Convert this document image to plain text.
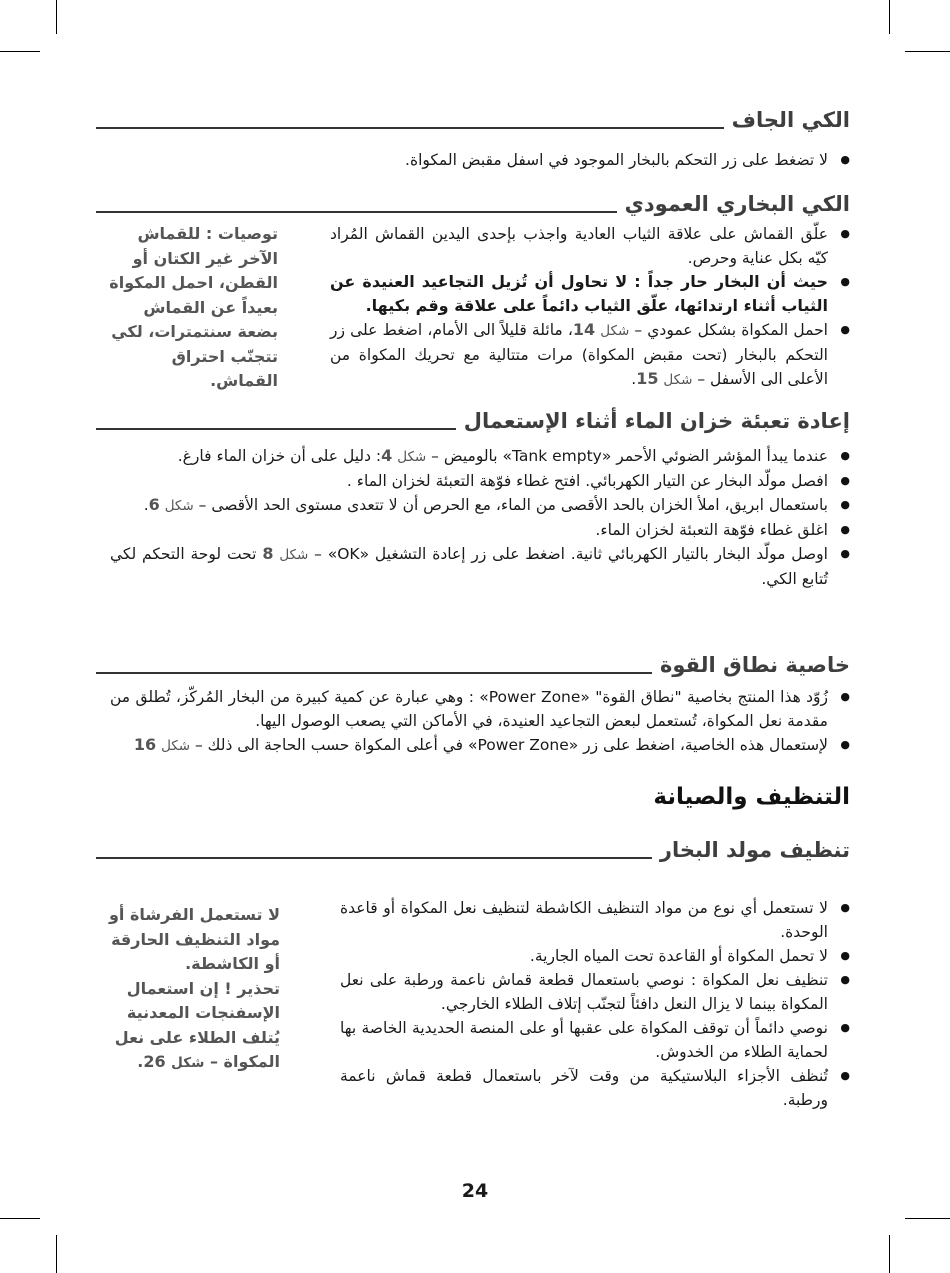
الكي الجاف
● لا تضغط على زر التحكم بالبخار الموجود في اسفل مقبض المكواة.
الكي البخاري العمودي
● علّق القماش على علاقة الثياب العادية واجذب بإحدى اليدين القماش المُراد كيّه بكل عناية وحرص.
● حيث أن البخار حار جداً : لا تحاول أن تُزيل التجاعيد العنيدة عن الثياب أثناء ارتدائها، علّق الثياب دائماً على علاقة وقم بكيها.
● احمل المكواة بشكل عمودي – شكل 14، مائلة قليلاً الى الأمام، اضغط على زر التحكم بالبخار (تحت مقبض المكواة) مرات متتالية مع تحريك المكواة من الأعلى الى الأسفل – شكل 15.
توصيات : للقماش الآخر غير الكتان أو القطن، احمل المكواة بعيداً عن القماش بضعة سنتمترات، لكي تتجنّب احتراق القماش.
إعادة تعبئة خزان الماء أثناء الإستعمال
● عندما يبدأ المؤشر الضوئي الأحمر «Tank empty» بالوميض – شكل 4: دليل على أن خزان الماء فارغ.
● افصل مولّد البخار عن التيار الكهربائي. افتح غطاء فوّهة التعبئة لخزان الماء .
● باستعمال ابريق، املأ الخزان بالحد الأقصى من الماء، مع الحرص أن لا تتعدى مستوى الحد الأقصى – شكل 6.
● اغلق غطاء فوّهة التعبئة لخزان الماء.
● اوصل مولّد البخار بالتيار الكهربائي ثانية. اضغط على زر إعادة التشغيل «OK» – شكل 8 تحت لوحة التحكم لكي تُتابع الكي.
خاصية نطاق القوة
● زُوّد هذا المنتج بخاصية "نطاق القوة" «Power Zone» : وهي عبارة عن كمية كبيرة من البخار المُركّز، تُطلق من مقدمة نعل المكواة، تُستعمل لبعض التجاعيد العنيدة، في الأماكن التي يصعب الوصول اليها.
● لإستعمال هذه الخاصية، اضغط على زر «Power Zone» في أعلى المكواة حسب الحاجة الى ذلك – شكل 16
التنظيف والصيانة
تنظيف مولد البخار
● لا تستعمل أي نوع من مواد التنظيف الكاشطة لتنظيف نعل المكواة أو قاعدة الوحدة.
● لا تحمل المكواة أو القاعدة تحت المياه الجارية.
● تنظيف نعل المكواة : نوصي باستعمال قطعة قماش ناعمة ورطبة على نعل المكواة بينما لا يزال النعل دافئاً لتجنّب إتلاف الطلاء الخارجي.
● نوصي دائماً أن توقف المكواة على عقبها أو على المنصة الحديدية الخاصة بها لحماية الطلاء من الخدوش.
● تُنظف الأجزاء البلاستيكية من وقت لآخر باستعمال قطعة قماش ناعمة ورطبة.
لا تستعمل الفرشاة أو مواد التنظيف الحارقة أو الكاشطة.
تحذير ! إن استعمال الإسفنجات المعدنية يُتلف الطلاء على نعل المكواة – شكل 26.
24
